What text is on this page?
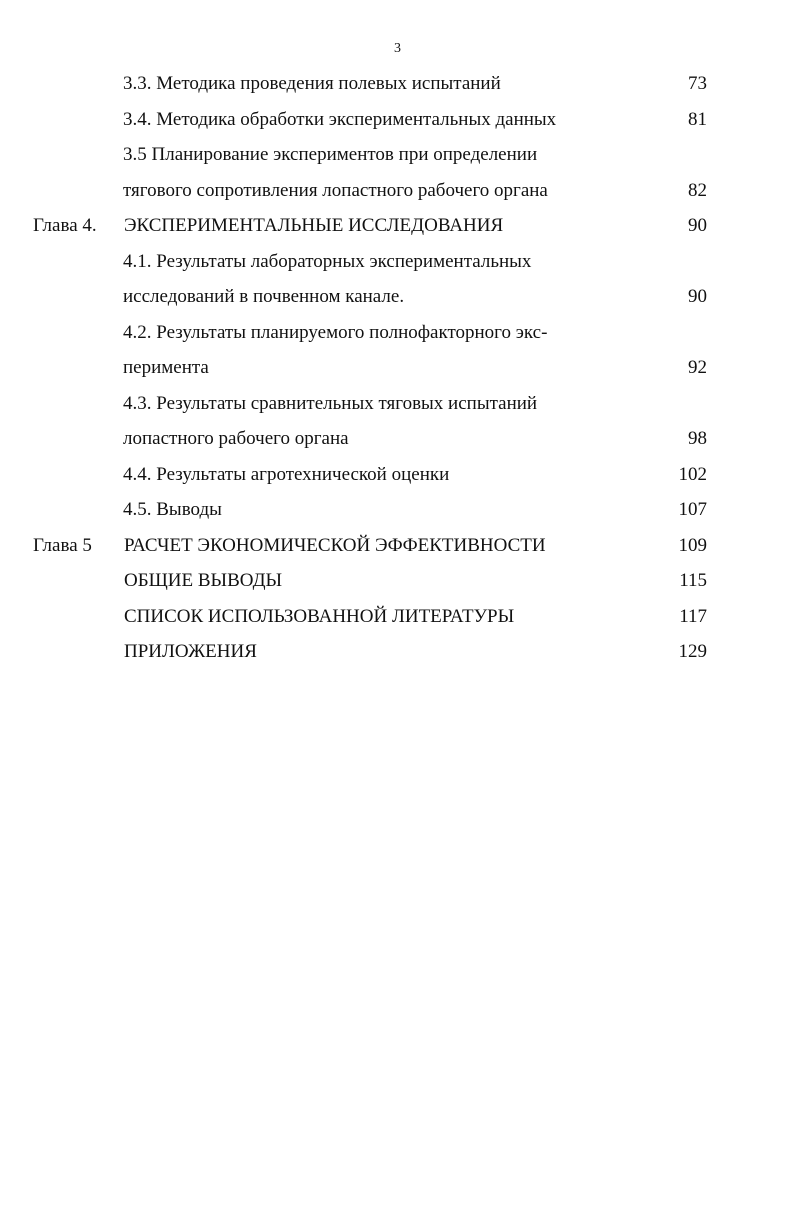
3
3.3. Методика проведения полевых испытаний	73
3.4. Методика обработки экспериментальных данных	81
3.5 Планирование экспериментов при определении
тягового сопротивления лопастного рабочего органа	82
Глава 4. ЭКСПЕРИМЕНТАЛЬНЫЕ ИССЛЕДОВАНИЯ	90
4.1. Результаты лабораторных экспериментальных
исследований в почвенном канале.	90
4.2. Результаты планируемого полнофакторного экс-
перимента	92
4.3. Результаты сравнительных тяговых испытаний
лопастного рабочего органа	98
4.4. Результаты агротехнической оценки	102
4.5. Выводы	107
Глава 5 РАСЧЕТ ЭКОНОМИЧЕСКОЙ ЭФФЕКТИВНОСТИ	109
ОБЩИЕ ВЫВОДЫ	115
СПИСОК ИСПОЛЬЗОВАННОЙ ЛИТЕРАТУРЫ	117
ПРИЛОЖЕНИЯ	129
